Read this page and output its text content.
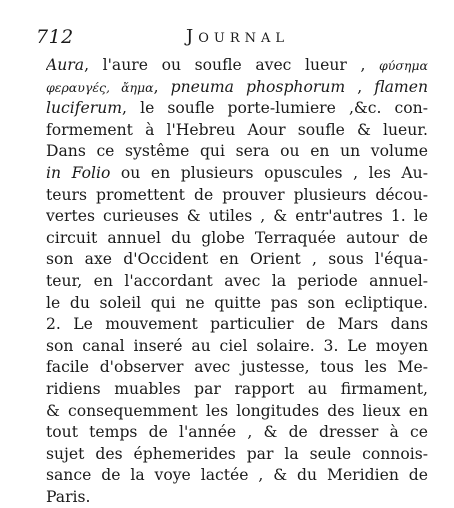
712	Journal
Aura, l'aure ou soufle avec lueur , φύσημα
φεραυγές, ἄημα, pneuma phosphorum , flamen
luciferum, le soufle porte-lumiere ,&c. con-
formement à l'Hebreu Aour soufle & lueur.
Dans ce systême qui sera ou en un volume
in Folio ou en plusieurs opuscules , les Au-
teurs promettent de prouver plusieurs décou-
vertes curieuses & utiles , & entr'autres 1. le
circuit annuel du globe Terraquée autour de
son axe d'Occident en Orient , sous l'équa-
teur, en l'accordant avec la periode annuel-
le du soleil qui ne quitte pas son ecliptique.
2. Le mouvement particulier de Mars dans
son canal inseré au ciel solaire. 3. Le moyen
facile d'observer avec justesse, tous les Me-
ridiens muables par rapport au firmament,
& consequemment les longitudes des lieux en
tout temps de l'année , & de dresser à ce
sujet des éphemerides par la seule connois-
sance de la voye lactée , & du Meridien de
Paris.
